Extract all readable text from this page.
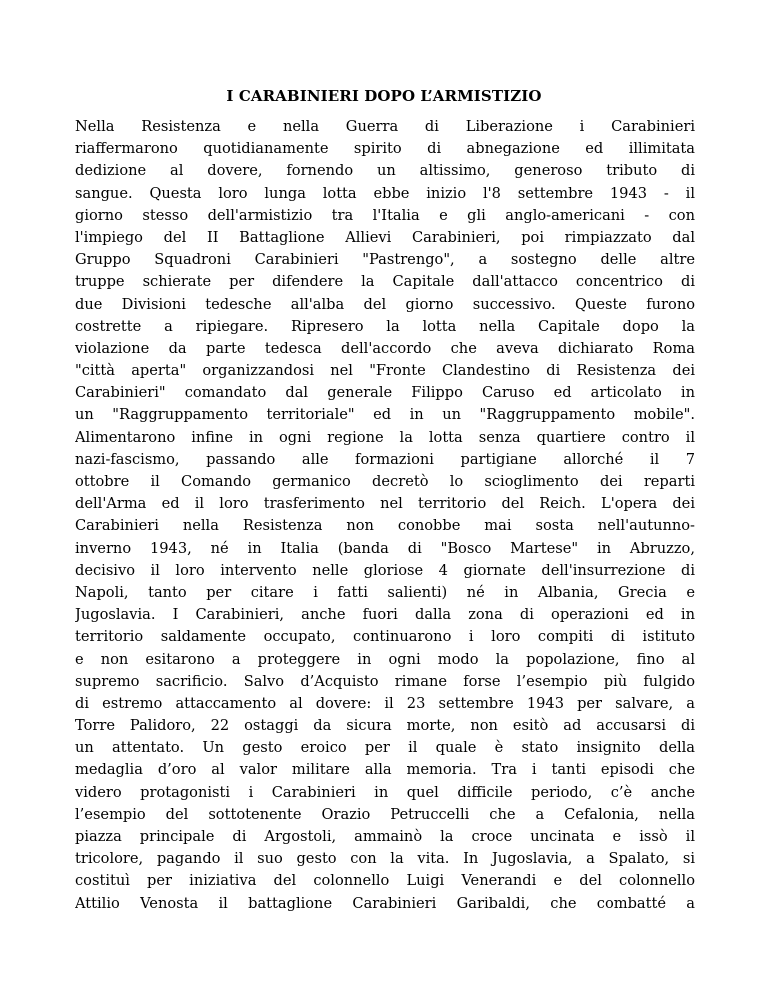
I CARABINIERI DOPO L’ARMISTIZIO
Nella Resistenza e nella Guerra di Liberazione i Carabinieri
riaffermarono quotidianamente spirito di abnegazione ed illimitata
dedizione al dovere, fornendo un altissimo, generoso tributo di
sangue. Questa loro lunga lotta ebbe inizio l'8 settembre 1943 - il
giorno stesso dell'armistizio tra l'Italia e gli anglo-americani - con
l'impiego del II Battaglione Allievi Carabinieri, poi rimpiazzato dal
Gruppo Squadroni Carabinieri "Pastrengo", a sostegno delle altre
truppe schierate per difendere la Capitale dall'attacco concentrico di
due Divisioni tedesche all'alba del giorno successivo. Queste furono
costrette a ripiegare. Ripresero la lotta nella Capitale dopo la
violazione da parte tedesca dell'accordo che aveva dichiarato Roma
"città aperta" organizzandosi nel "Fronte Clandestino di Resistenza dei
Carabinieri" comandato dal generale Filippo Caruso ed articolato in
un "Raggruppamento territoriale" ed in un "Raggruppamento mobile".
Alimentarono infine in ogni regione la lotta senza quartiere contro il
nazi-fascismo, passando alle formazioni partigiane allorché il 7
ottobre il Comando germanico decretò lo scioglimento dei reparti
dell'Arma ed il loro trasferimento nel territorio del Reich. L'opera dei
Carabinieri nella Resistenza non conobbe mai sosta nell'autunno-
inverno 1943, né in Italia (banda di "Bosco Martese" in Abruzzo,
decisivo il loro intervento nelle gloriose 4 giornate dell'insurrezione di
Napoli, tanto per citare i fatti salienti) né in Albania, Grecia e
Jugoslavia. I Carabinieri, anche fuori dalla zona di operazioni ed in
territorio saldamente occupato, continuarono i loro compiti di istituto
e non esitarono a proteggere in ogni modo la popolazione, fino al
supremo sacrificio. Salvo d’Acquisto rimane forse l’esempio più fulgido
di estremo attaccamento al dovere: il 23 settembre 1943 per salvare, a
Torre Palidoro, 22 ostaggi da sicura morte, non esitò ad accusarsi di
un attentato. Un gesto eroico per il quale è stato insignito della
medaglia d’oro al valor militare alla memoria. Tra i tanti episodi che
videro protagonisti i Carabinieri in quel difficile periodo, c’è anche
l’esempio del sottotenente Orazio Petruccelli che a Cefalonia, nella
piazza principale di Argostoli, ammainò la croce uncinata e issò il
tricolore, pagando il suo gesto con la vita. In Jugoslavia, a Spalato, si
costituì per iniziativa del colonnello Luigi Venerandi e del colonnello
Attilio Venosta il battaglione Carabinieri Garibaldi, che combatté a
